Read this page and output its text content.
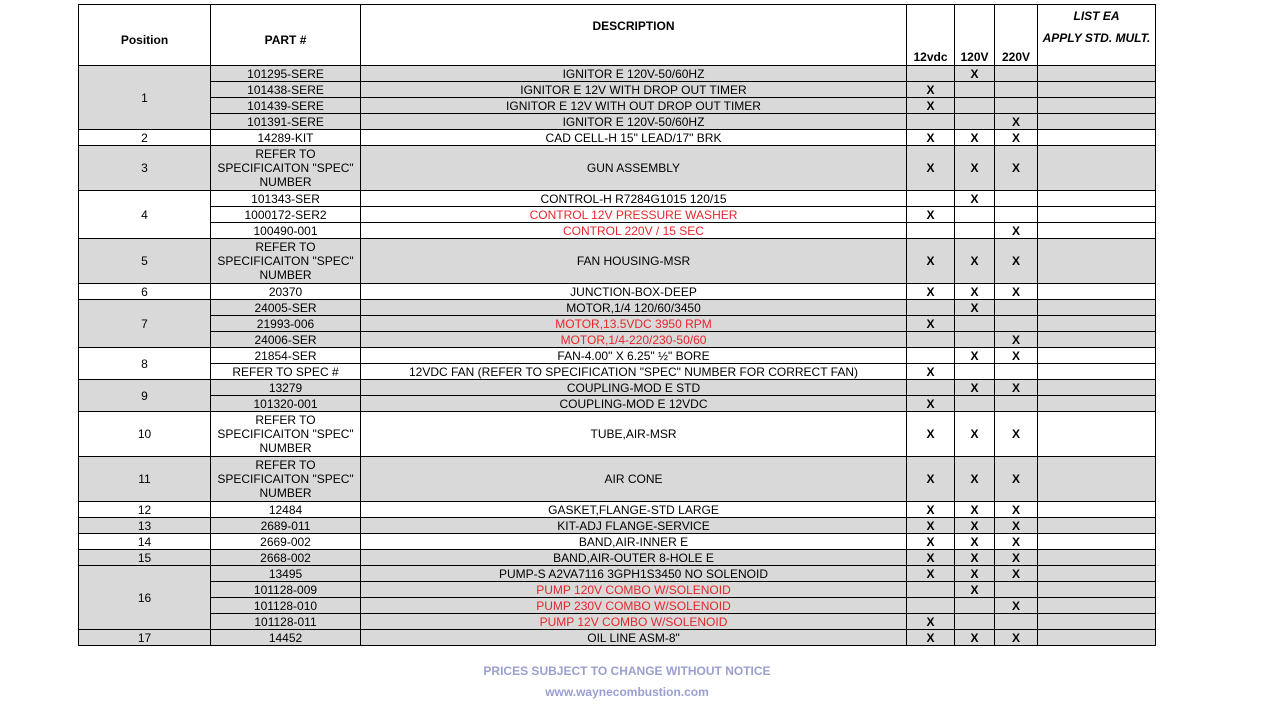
Position	PART #	DESCRIPTION	12vdc	120V	220V	LIST EA
APPLY STD. MULT.

1	101295-SERE	IGNITOR E 120V-50/60HZ		X		
	101438-SERE	IGNITOR E 12V WITH DROP OUT TIMER	X			
	101439-SERE	IGNITOR E 12V WITH OUT DROP OUT TIMER	X			
	101391-SERE	IGNITOR E 120V-50/60HZ			X	
2	14289-KIT	CAD CELL-H 15" LEAD/17" BRK	X	X	X	
3	REFER TO SPECIFICAITON "SPEC" NUMBER	GUN ASSEMBLY	X	X	X	
4	101343-SER	CONTROL-H R7284G1015 120/15		X		
	1000172-SER2	CONTROL 12V PRESSURE WASHER	X			
	100490-001	CONTROL 220V / 15 SEC			X	
5	REFER TO SPECIFICAITON "SPEC" NUMBER	FAN HOUSING-MSR	X	X	X	
6	20370	JUNCTION-BOX-DEEP	X	X	X	
7	24005-SER	MOTOR,1/4 120/60/3450		X		
	21993-006	MOTOR,13.5VDC 3950 RPM	X			
	24006-SER	MOTOR,1/4-220/230-50/60			X	
8	21854-SER	FAN-4.00" X 6.25" ½" BORE		X	X	
	REFER TO SPEC #	12VDC FAN (REFER TO SPECIFICATION "SPEC" NUMBER FOR CORRECT FAN)	X			
9	13279	COUPLING-MOD E STD		X	X	
	101320-001	COUPLING-MOD E 12VDC	X			
10	REFER TO SPECIFICAITON "SPEC" NUMBER	TUBE,AIR-MSR	X	X	X	
11	REFER TO SPECIFICAITON "SPEC" NUMBER	AIR CONE	X	X	X	
12	12484	GASKET,FLANGE-STD LARGE	X	X	X	
13	2689-011	KIT-ADJ FLANGE-SERVICE	X	X	X	
14	2669-002	BAND,AIR-INNER E	X	X	X	
15	2668-002	BAND,AIR-OUTER 8-HOLE E	X	X	X	
16	13495	PUMP-S A2VA7116 3GPH1S3450 NO SOLENOID	X	X	X	
	101128-009	PUMP 120V COMBO W/SOLENOID		X		
	101128-010	PUMP 230V COMBO W/SOLENOID			X	
	101128-011	PUMP 12V COMBO W/SOLENOID	X			
17	14452	OIL LINE ASM-8"	X	X	X	
PRICES SUBJECT TO CHANGE WITHOUT NOTICE
www.waynecombustion.com
